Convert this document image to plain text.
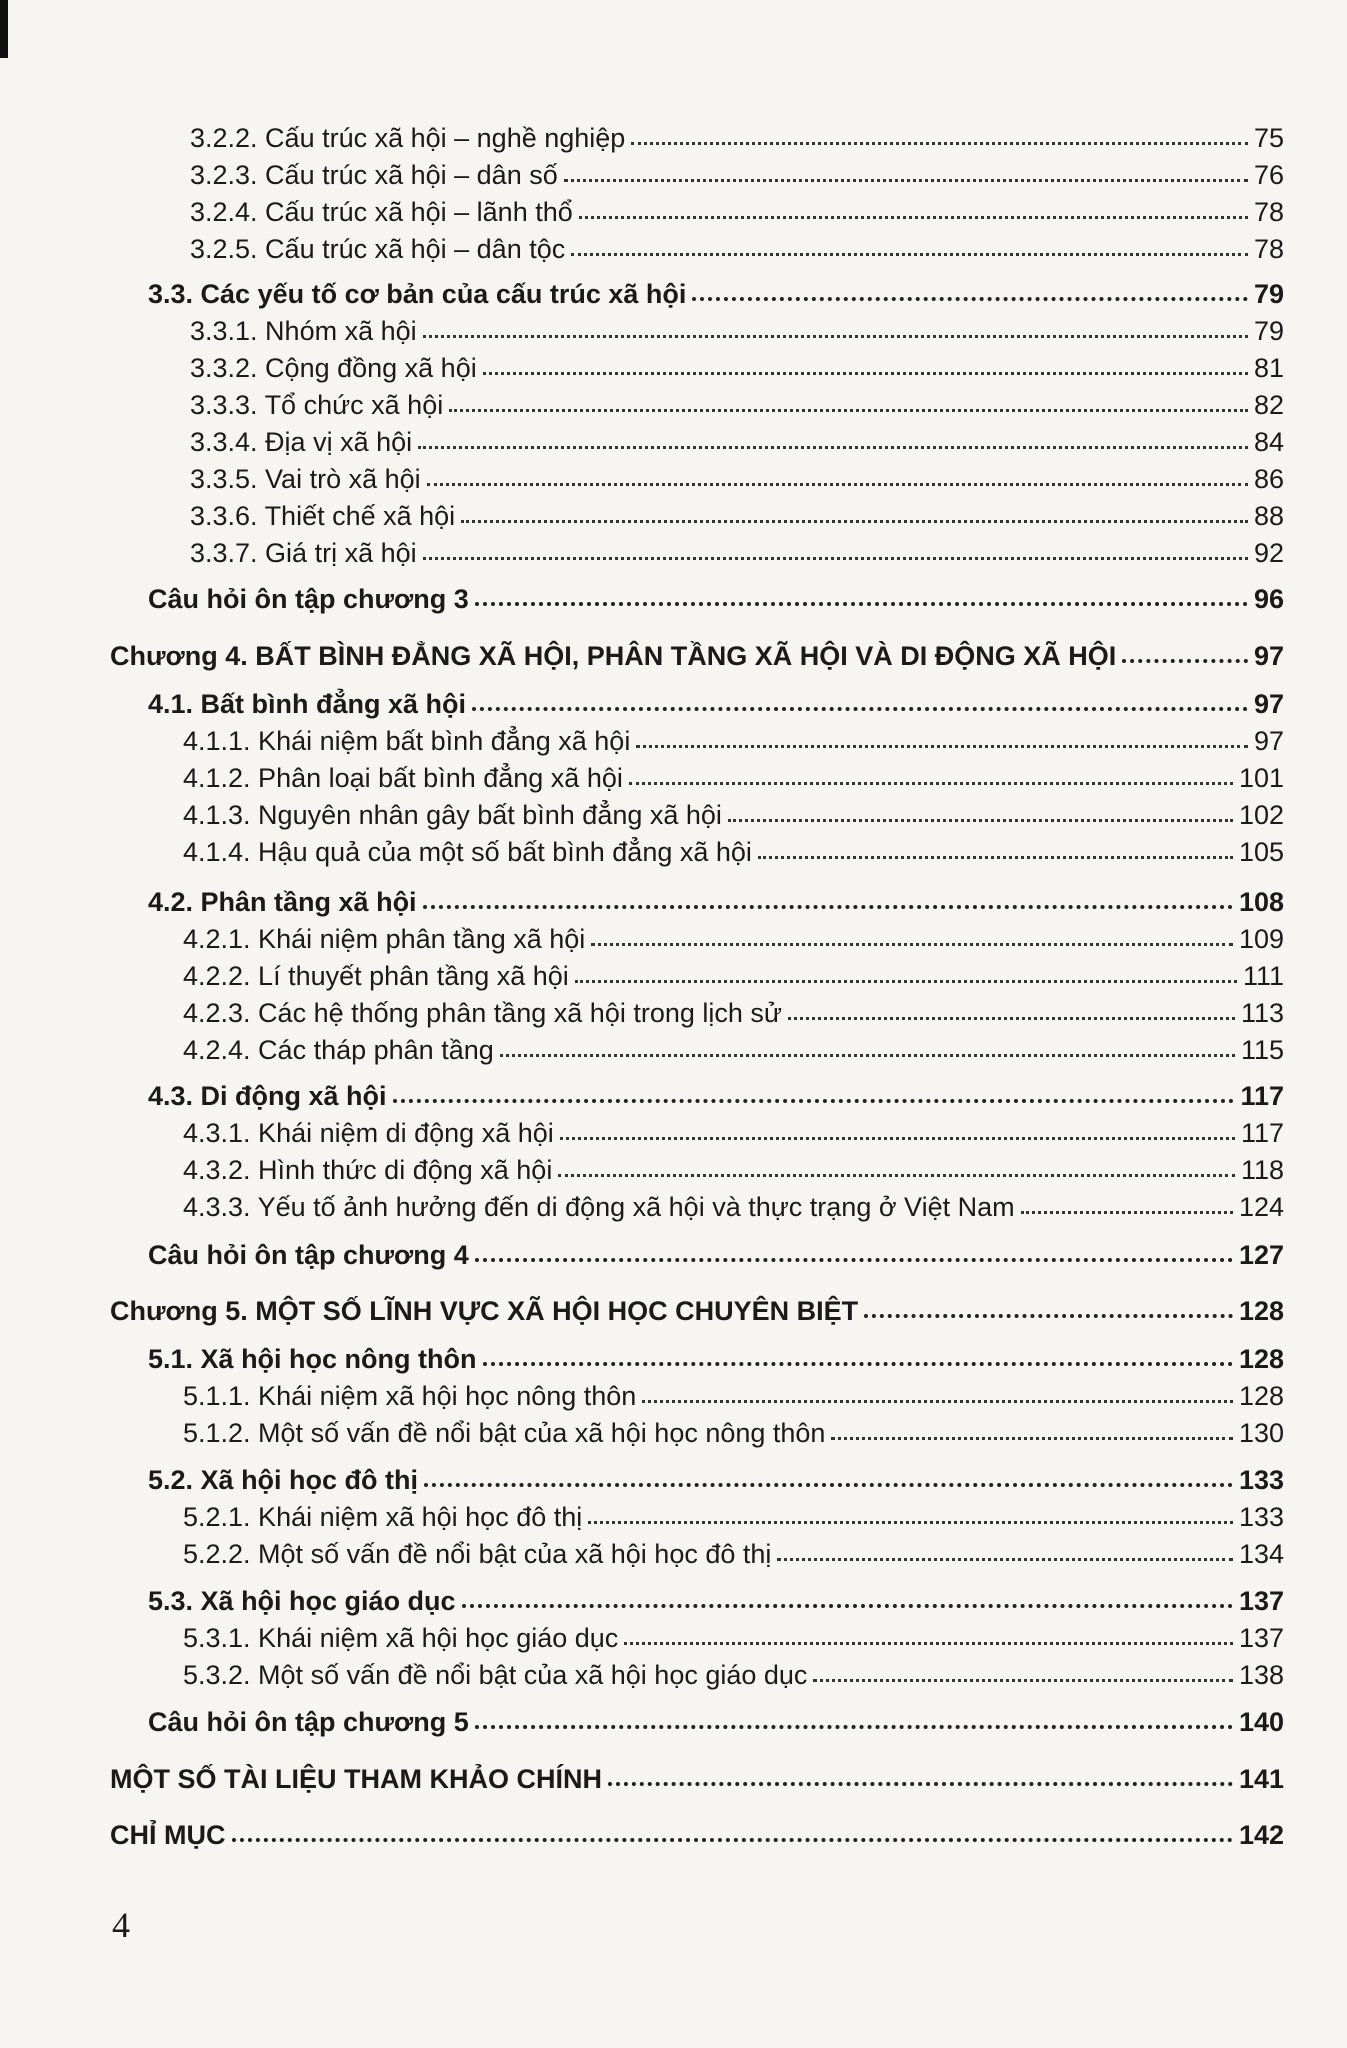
3.2.2. Cấu trúc xã hội – nghề nghiệp	75
3.2.3. Cấu trúc xã hội – dân số	76
3.2.4. Cấu trúc xã hội – lãnh thổ	78
3.2.5. Cấu trúc xã hội – dân tộc	78
3.3. Các yếu tố cơ bản của cấu trúc xã hội	79
3.3.1. Nhóm xã hội	79
3.3.2. Cộng đồng xã hội	81
3.3.3. Tổ chức xã hội	82
3.3.4. Địa vị xã hội	84
3.3.5. Vai trò xã hội	86
3.3.6. Thiết chế xã hội	88
3.3.7. Giá trị xã hội	92
Câu hỏi ôn tập chương 3	96
Chương 4. BẤT BÌNH ĐẲNG XÃ HỘI, PHÂN TẦNG XÃ HỘI VÀ DI ĐỘNG XÃ HỘI	97
4.1. Bất bình đẳng xã hội	97
4.1.1. Khái niệm bất bình đẳng xã hội	97
4.1.2. Phân loại bất bình đẳng xã hội	101
4.1.3. Nguyên nhân gây bất bình đẳng xã hội	102
4.1.4. Hậu quả của một số bất bình đẳng xã hội	105
4.2. Phân tầng xã hội	108
4.2.1. Khái niệm phân tầng xã hội	109
4.2.2. Lí thuyết phân tầng xã hội	111
4.2.3. Các hệ thống phân tầng xã hội trong lịch sử	113
4.2.4. Các tháp phân tầng	115
4.3. Di động xã hội	117
4.3.1. Khái niệm di động xã hội	117
4.3.2. Hình thức di động xã hội	118
4.3.3. Yếu tố ảnh hưởng đến di động xã hội và thực trạng ở Việt Nam	124
Câu hỏi ôn tập chương 4	127
Chương 5. MỘT SỐ LĨNH VỰC XÃ HỘI HỌC CHUYÊN BIỆT	128
5.1. Xã hội học nông thôn	128
5.1.1. Khái niệm xã hội học nông thôn	128
5.1.2. Một số vấn đề nổi bật của xã hội học nông thôn	130
5.2. Xã hội học đô thị	133
5.2.1. Khái niệm xã hội học đô thị	133
5.2.2. Một số vấn đề nổi bật của xã hội học đô thị	134
5.3. Xã hội học giáo dục	137
5.3.1. Khái niệm xã hội học giáo dục	137
5.3.2. Một số vấn đề nổi bật của xã hội học giáo dục	138
Câu hỏi ôn tập chương 5	140
MỘT SỐ TÀI LIỆU THAM KHẢO CHÍNH	141
CHỈ MỤC	142
4
